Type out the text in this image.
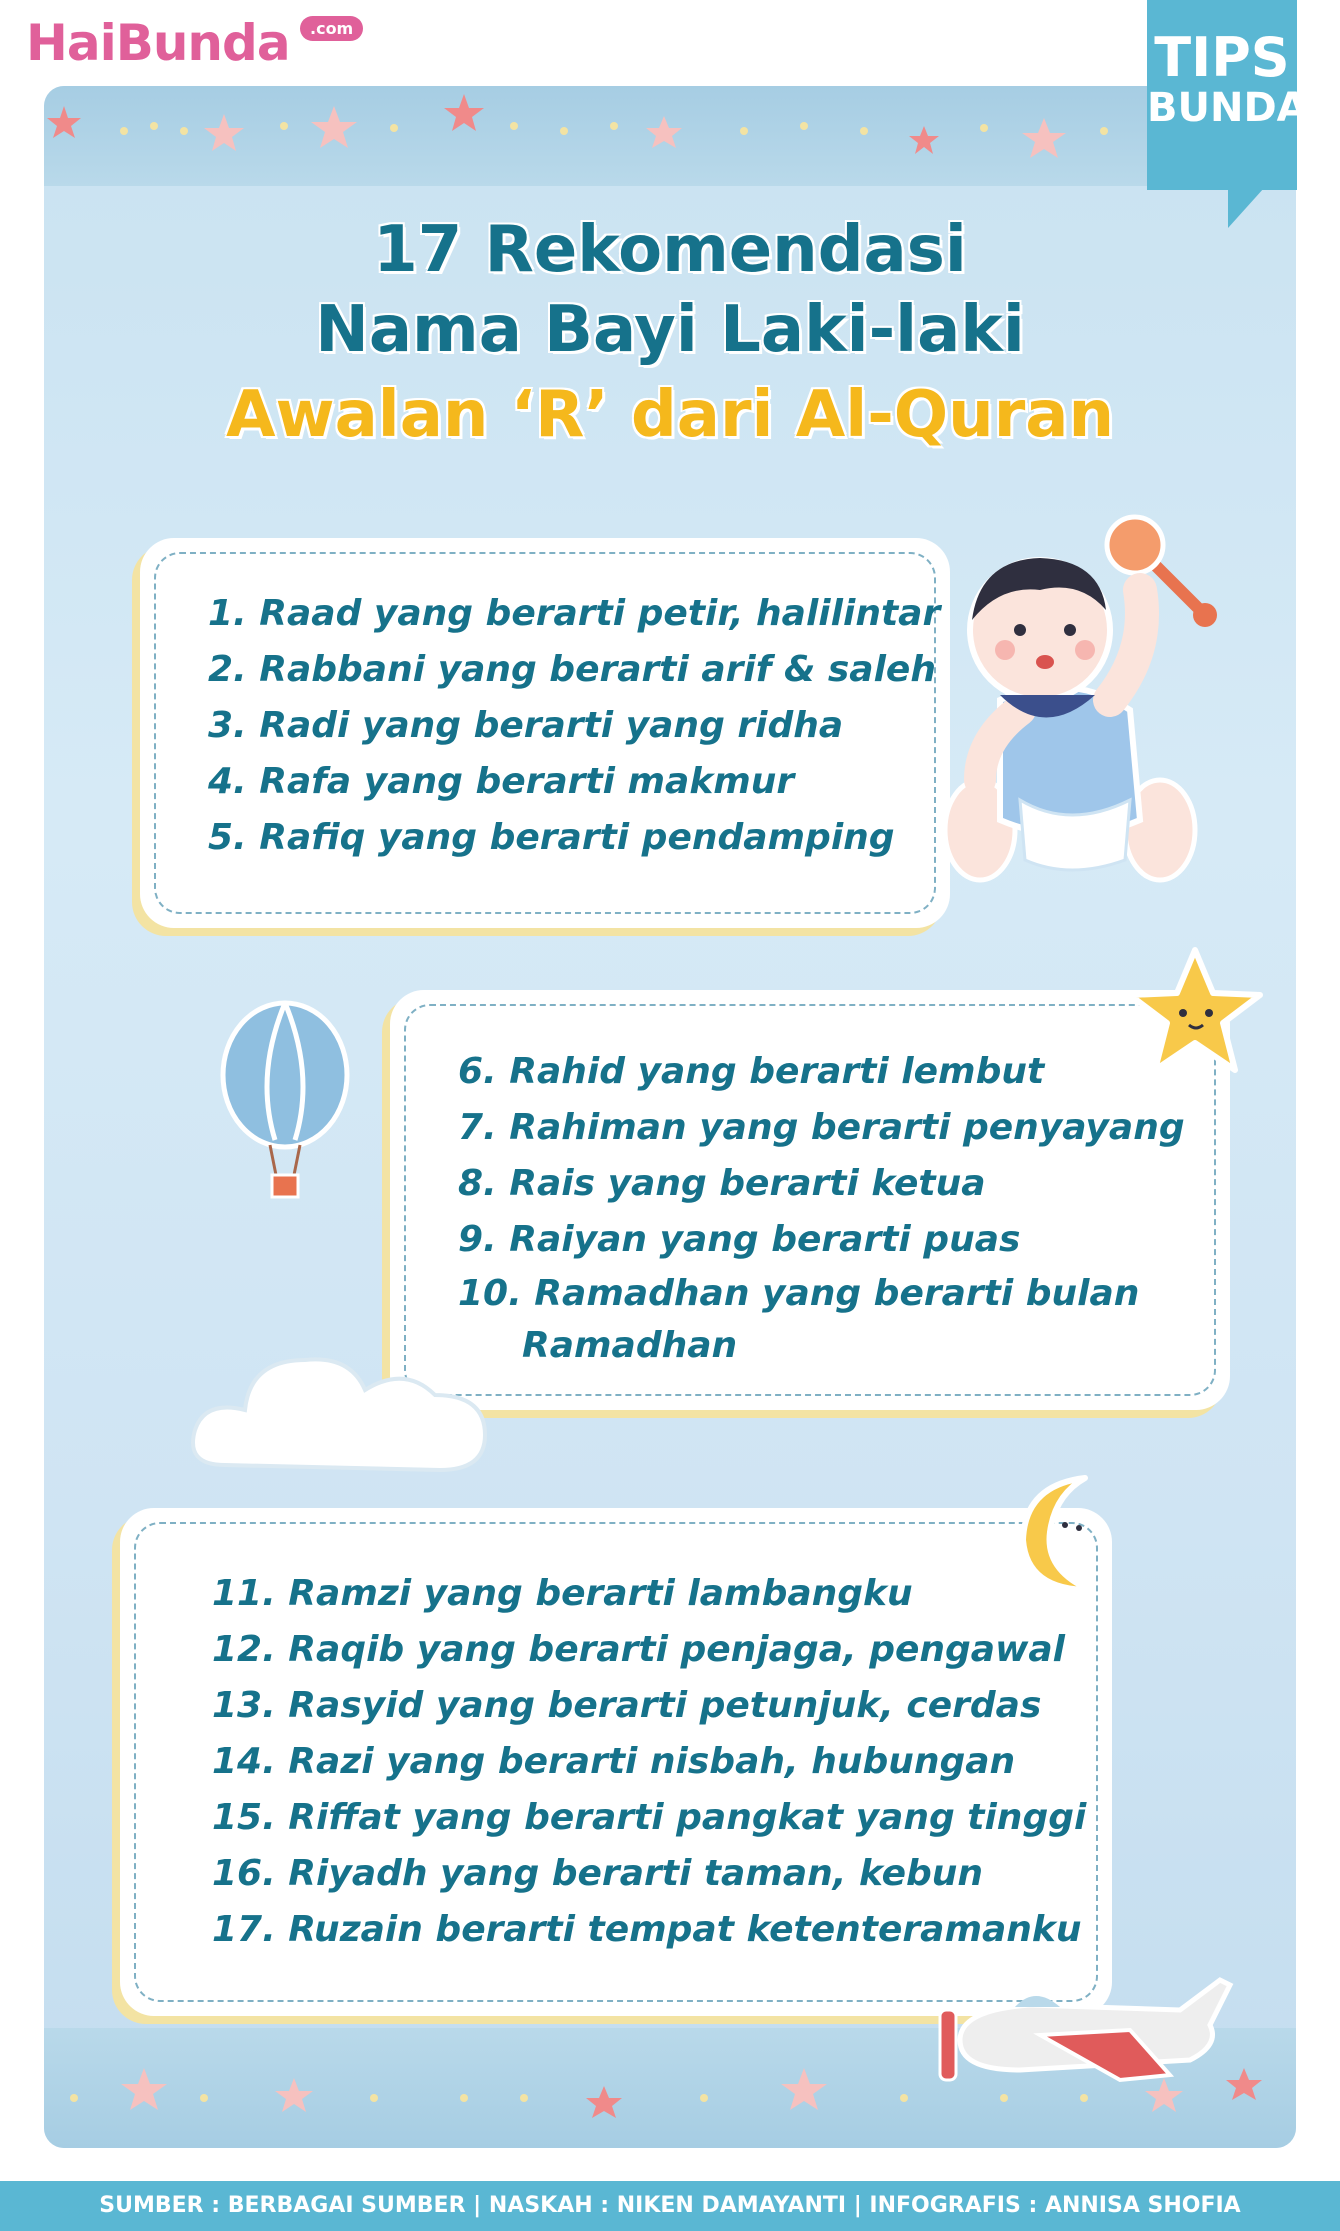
HaiBunda	.com	TIPS
BUNDA
17 Rekomendasi
Nama Bayi Laki-laki
Awalan ‘R’ dari Al-Quran
1. Raad yang berarti petir, halilintar
2. Rabbani yang berarti arif & saleh
3. Radi yang berarti yang ridha
4. Rafa yang berarti makmur
5. Rafiq yang berarti pendamping
6. Rahid yang berarti lembut
7. Rahiman yang berarti penyayang
8. Rais yang berarti ketua
9. Raiyan yang berarti puas
10. Ramadhan yang berarti bulan Ramadhan
11. Ramzi yang berarti lambangku
12. Raqib yang berarti penjaga, pengawal
13. Rasyid yang berarti petunjuk, cerdas
14. Razi yang berarti nisbah, hubungan
15. Riffat yang berarti pangkat yang tinggi
16. Riyadh yang berarti taman, kebun
17. Ruzain berarti tempat ketenteramanku
SUMBER : BERBAGAI SUMBER | NASKAH : NIKEN DAMAYANTI | INFOGRAFIS : ANNISA SHOFIA
